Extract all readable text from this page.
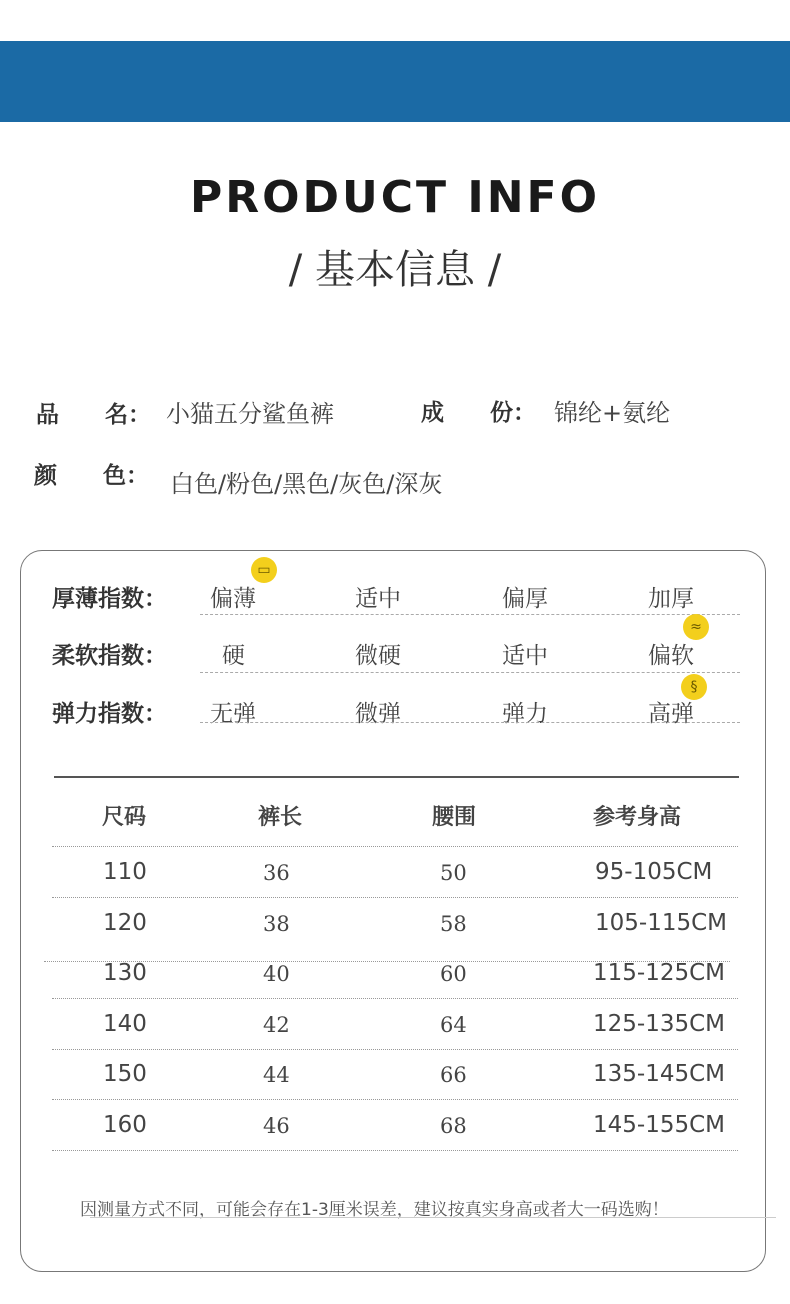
PRODUCT INFO
/ 基本信息 /
品　　名： 小猫五分鲨鱼裤	成　　份： 锦纶+氨纶
颜　　色： 白色/粉色/黑色/灰色/深灰
厚薄指数： 偏薄	适中	偏厚	加厚
▭
柔软指数： 硬	微硬	适中	偏软
≈
弹力指数： 无弹	微弹	弹力	高弹
§
尺码	裤长	腰围	参考身高
110	36	50	95-105CM
120	38	58	105-115CM
130	40	60	115-125CM
140	42	64	125-135CM
150	44	66	135-145CM
160	46	68	145-155CM
因测量方式不同，可能会存在1-3厘米误差，建议按真实身高或者大一码选购！
